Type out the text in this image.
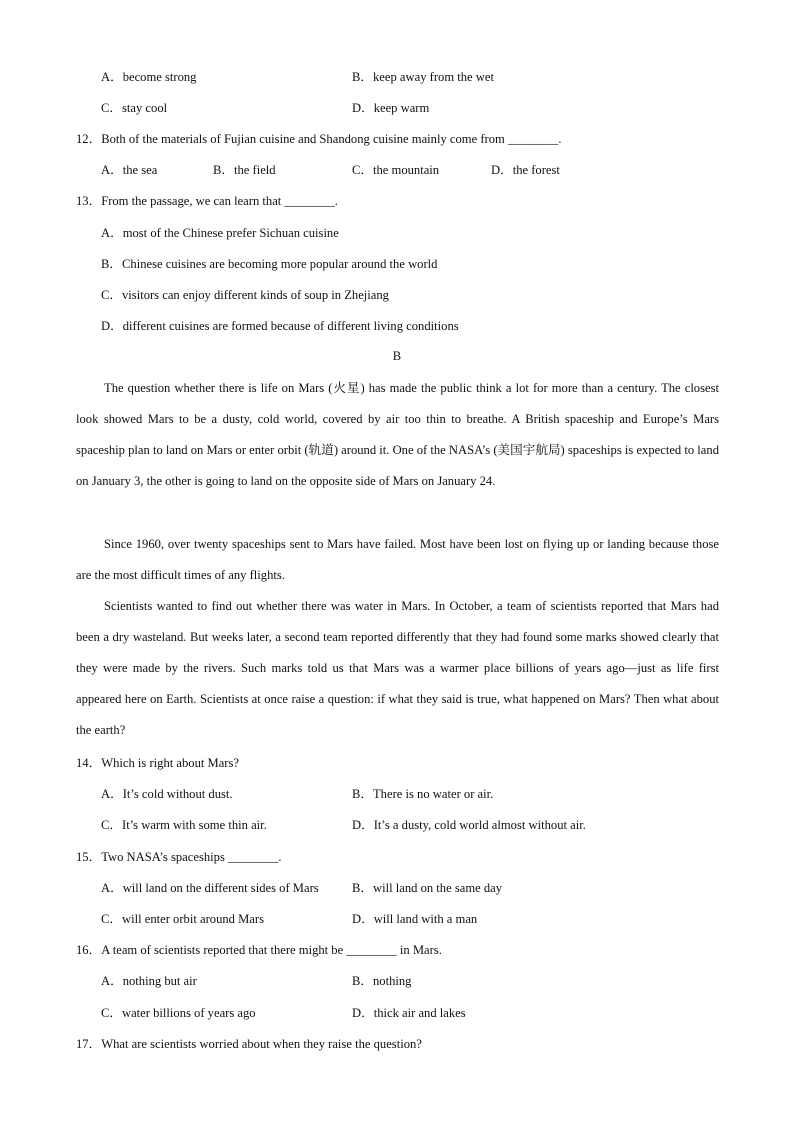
A．become strong	B．keep away from the wet
C．stay cool	D．keep warm
12．Both of the materials of Fujian cuisine and Shandong cuisine mainly come from ________.
A．the sea	B．the field	C．the mountain	D．the forest
13．From the passage, we can learn that ________.
A．most of the Chinese prefer Sichuan cuisine
B．Chinese cuisines are becoming more popular around the world
C．visitors can enjoy different kinds of soup in Zhejiang
D．different cuisines are formed because of different living conditions
B

The question whether there is life on Mars (火星) has made the public think a lot for more than a century. The closest look showed Mars to be a dusty, cold world, covered by air too thin to breathe. A British spaceship and Europe’s Mars spaceship plan to land on Mars or enter orbit (轨道) around it. One of the NASA’s (美国宇航局) spaceships is expected to land on January 3, the other is going to land on the opposite side of Mars on January 24.

Since 1960, over twenty spaceships sent to Mars have failed. Most have been lost on flying up or landing because those are the most difficult times of any flights.

Scientists wanted to find out whether there was water in Mars. In October, a team of scientists reported that Mars had been a dry wasteland. But weeks later, a second team reported differently that they had found some marks showed clearly that they were made by the rivers. Such marks told us that Mars was a warmer place billions of years ago—just as life first appeared here on Earth. Scientists at once raise a question: if what they said is true, what happened on Mars? Then what about the earth?

14．Which is right about Mars?
A．It’s cold without dust.	B．There is no water or air.
C．It’s warm with some thin air.	D．It’s a dusty, cold world almost without air.
15．Two NASA’s spaceships ________.
A．will land on the different sides of Mars	B．will land on the same day
C．will enter orbit around Mars	D．will land with a man
16．A team of scientists reported that there might be ________ in Mars.
A．nothing but air	B．nothing
C．water billions of years ago	D．thick air and lakes
17．What are scientists worried about when they raise the question?
